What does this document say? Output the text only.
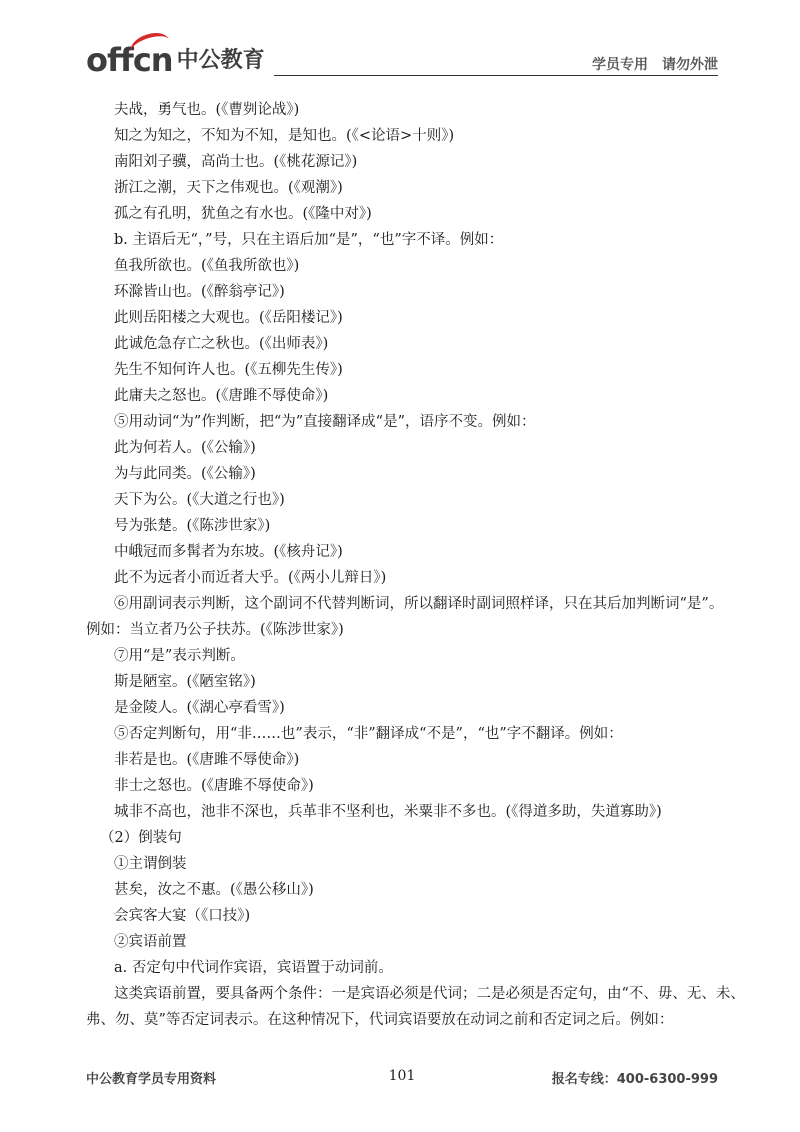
offcn 中公教育	学员专用 请勿外泄
夫战，勇气也。(《曹刿论战》)
知之为知之，不知为不知，是知也。(《<论语>十则》)
南阳刘子骥，高尚士也。(《桃花源记》)
浙江之潮，天下之伟观也。(《观潮》)
孤之有孔明，犹鱼之有水也。(《隆中对》)
b. 主语后无“，”号，只在主语后加“是”，“也”字不译。例如：
鱼我所欲也。(《鱼我所欲也》)
环滁皆山也。(《醉翁亭记》)
此则岳阳楼之大观也。(《岳阳楼记》)
此诚危急存亡之秋也。(《出师表》)
先生不知何许人也。(《五柳先生传》)
此庸夫之怒也。(《唐雎不辱使命》)
⑤用动词“为”作判断，把“为”直接翻译成“是”，语序不变。例如：
此为何若人。(《公输》)
为与此同类。(《公输》)
天下为公。(《大道之行也》)
号为张楚。(《陈涉世家》)
中峨冠而多髯者为东坡。(《核舟记》)
此不为远者小而近者大乎。(《两小儿辩日》)
⑥用副词表示判断，这个副词不代替判断词，所以翻译时副词照样译，只在其后加判断词“是”。
例如：当立者乃公子扶苏。(《陈涉世家》)
⑦用“是”表示判断。
斯是陋室。(《陋室铭》)
是金陵人。(《湖心亭看雪》)
⑤否定判断句，用“非……也”表示，“非”翻译成“不是”，“也”字不翻译。例如：
非若是也。(《唐雎不辱使命》)
非士之怒也。(《唐雎不辱使命》)
城非不高也，池非不深也，兵革非不坚利也，米粟非不多也。(《得道多助，失道寡助》)
（2）倒装句
①主谓倒装
甚矣，汝之不惠。(《愚公移山》)
会宾客大宴（《口技》)
②宾语前置
a. 否定句中代词作宾语，宾语置于动词前。
这类宾语前置，要具备两个条件：一是宾语必须是代词；二是必须是否定句，由“不、毋、无、未、
弗、勿、莫”等否定词表示。在这种情况下，代词宾语要放在动词之前和否定词之后。例如：
中公教育学员专用资料	101	报名专线：400-6300-999
